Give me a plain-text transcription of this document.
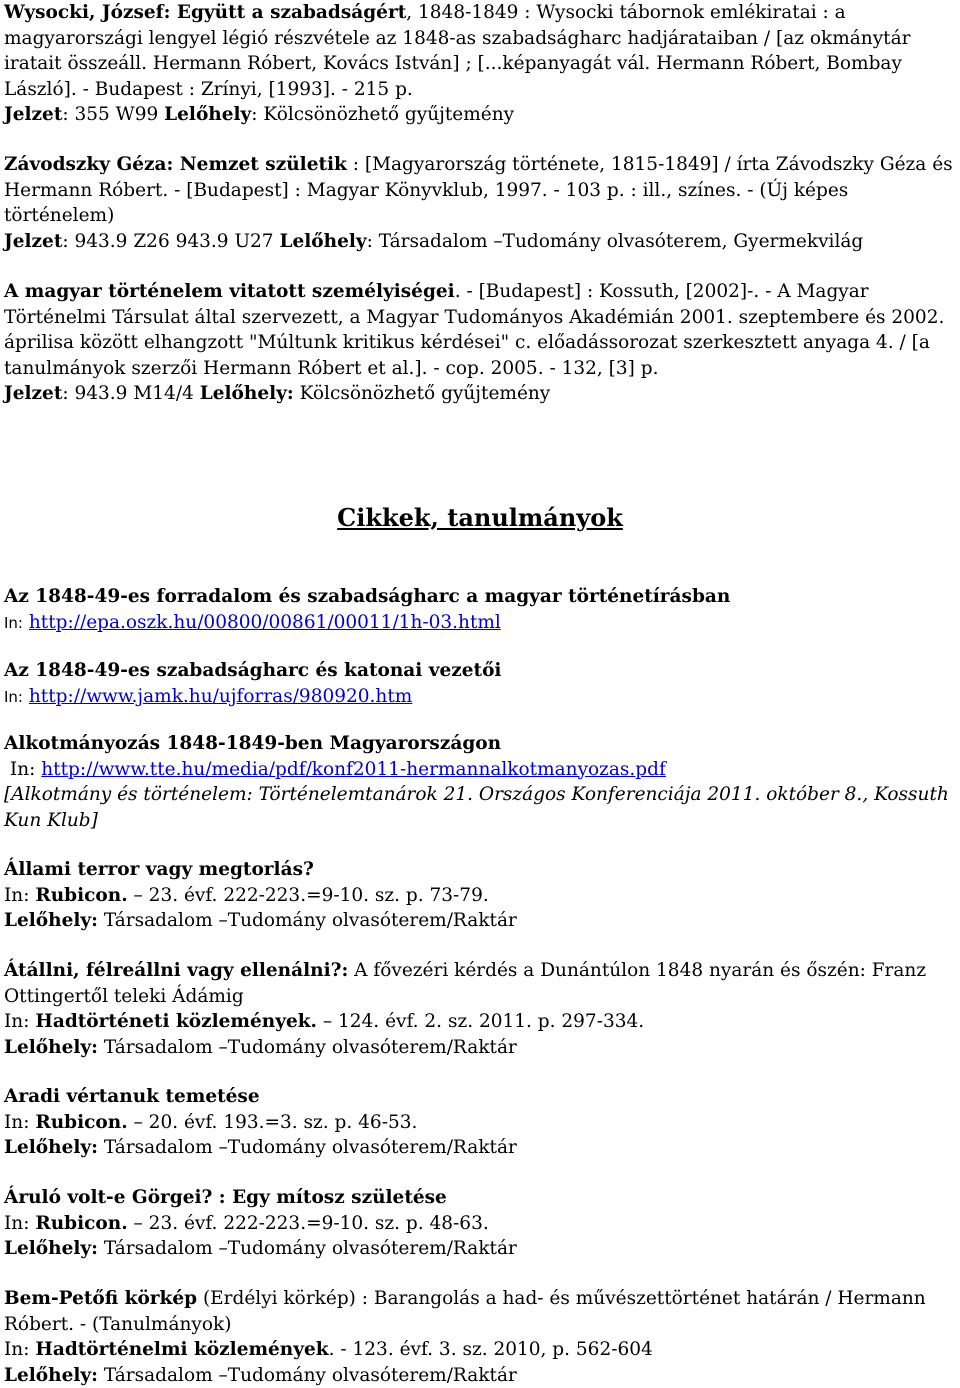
Wysocki, József: Együtt a szabadságért, 1848-1849 : Wysocki tábornok emlékiratai : a magyarországi lengyel légió részvétele az 1848-as szabadságharc hadjárataiban / [az okmánytár iratait összeáll. Hermann Róbert, Kovács István] ; [...képanyagát vál. Hermann Róbert, Bombay László]. - Budapest : Zrínyi, [1993]. - 215 p.
Jelzet: 355 W99 Lelőhely: Kölcsönözhető gyűjtemény
Závodszky Géza: Nemzet születik : [Magyarország története, 1815-1849] / írta Závodszky Géza és Hermann Róbert. - [Budapest] : Magyar Könyvklub, 1997. - 103 p. : ill., színes. - (Új képes történelem)
Jelzet: 943.9 Z26 943.9 U27 Lelőhely: Társadalom –Tudomány olvasóterem, Gyermekvilág
A magyar történelem vitatott személyiségei. - [Budapest] : Kossuth, [2002]-. - A Magyar Történelmi Társulat által szervezett, a Magyar Tudományos Akadémián 2001. szeptembere és 2002. áprilisa között elhangzott "Múltunk kritikus kérdései" c. előadássorozat szerkesztett anyaga 4. / [a tanulmányok szerzői Hermann Róbert et al.]. - cop. 2005. - 132, [3] p.
Jelzet: 943.9 M14/4 Lelőhely: Kölcsönözhető gyűjtemény
Cikkek, tanulmányok
Az 1848-49-es forradalom és szabadságharc a magyar történetírásban
In: http://epa.oszk.hu/00800/00861/00011/1h-03.html
Az 1848-49-es szabadságharc és katonai vezetői
In: http://www.jamk.hu/ujforras/980920.htm
Alkotmányozás 1848-1849-ben Magyarországon
In: http://www.tte.hu/media/pdf/konf2011-hermannalkotmanyozas.pdf
[Alkotmány és történelem: Történelemtanárok 21. Országos Konferenciája 2011. október 8., Kossuth Kun Klub]
Állami terror vagy megtorlás?
In: Rubicon. – 23. évf. 222-223.=9-10. sz. p. 73-79.
Lelőhely: Társadalom –Tudomány olvasóterem/Raktár
Átállni, félreállni vagy ellenálni?: A fővezéri kérdés a Dunántúlon 1848 nyarán és őszén: Franz Ottingertől teleki Ádámig
In: Hadtörténeti közlemények. – 124. évf. 2. sz. 2011. p. 297-334.
Lelőhely: Társadalom –Tudomány olvasóterem/Raktár
Aradi vértanuk temetése
In: Rubicon. – 20. évf. 193.=3. sz. p. 46-53.
Lelőhely: Társadalom –Tudomány olvasóterem/Raktár
Áruló volt-e Görgei? : Egy mítosz születése
In: Rubicon. – 23. évf. 222-223.=9-10. sz. p. 48-63.
Lelőhely: Társadalom –Tudomány olvasóterem/Raktár
Bem-Petőfi körkép (Erdélyi körkép) : Barangolás a had- és művészettörténet határán / Hermann Róbert. - (Tanulmányok)
In: Hadtörténelmi közlemények. - 123. évf. 3. sz. 2010, p. 562-604
Lelőhely: Társadalom –Tudomány olvasóterem/Raktár
